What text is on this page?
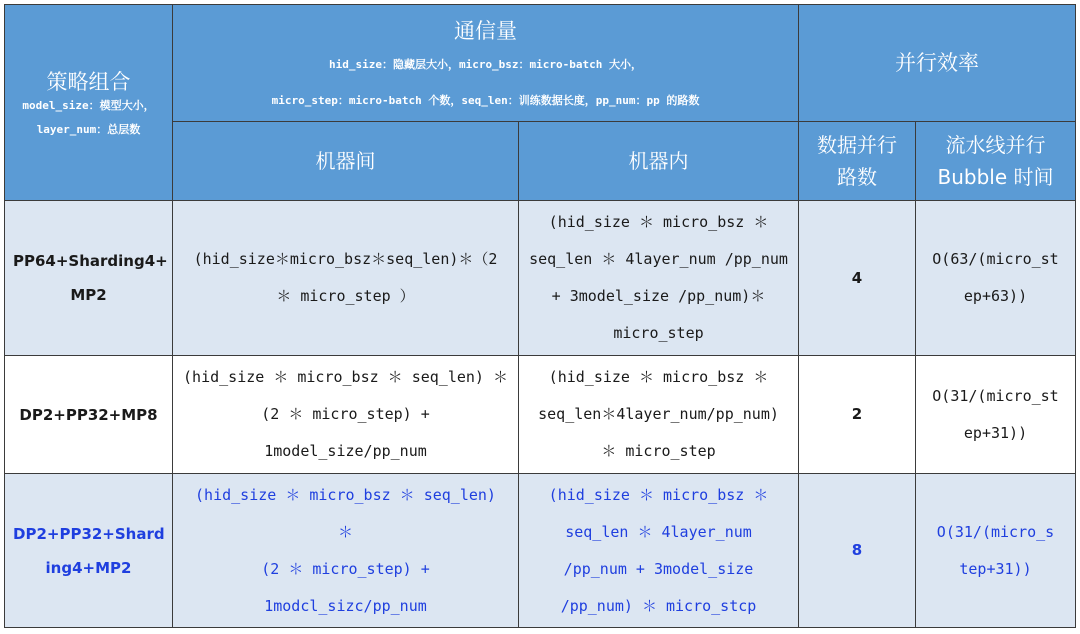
策略组合
model_size：模型大小，
layer_num：总层数	通信量
hid_size：隐藏层大小，micro_bsz：micro-batch 大小，
micro_step：micro-batch 个数，seq_len：训练数据长度，pp_num：pp 的路数		并行效率	

	机器间	机器内	数据并行
路数	流水线并行
Bubble 时间

PP64+Sharding4+
MP2	(hid_size＊micro_bsz＊seq_len)＊（2
＊ micro_step ）	(hid_size ＊ micro_bsz ＊
seq_len ＊ 4layer_num /pp_num
+ 3model_size /pp_num)＊
micro_step	4	O(63/(micro_st
ep+63))

DP2+PP32+MP8	(hid_size ＊ micro_bsz ＊ seq_len) ＊
(2 ＊ micro_step) +
1model_size/pp_num	(hid_size ＊ micro_bsz ＊
seq_len＊4layer_num/pp_num)
＊ micro_step	2	O(31/(micro_st
ep+31))

DP2+PP32+Shard
ing4+MP2	(hid_size ＊ micro_bsz ＊ seq_len)
＊
(2 ＊ micro_step) +
1modcl_sizc/pp_num	(hid_size ＊ micro_bsz ＊
seq_len ＊ 4layer_num
/pp_num + 3model_size
/pp_num) ＊ micro_stcp	8	O(31/(micro_s
tep+31))
